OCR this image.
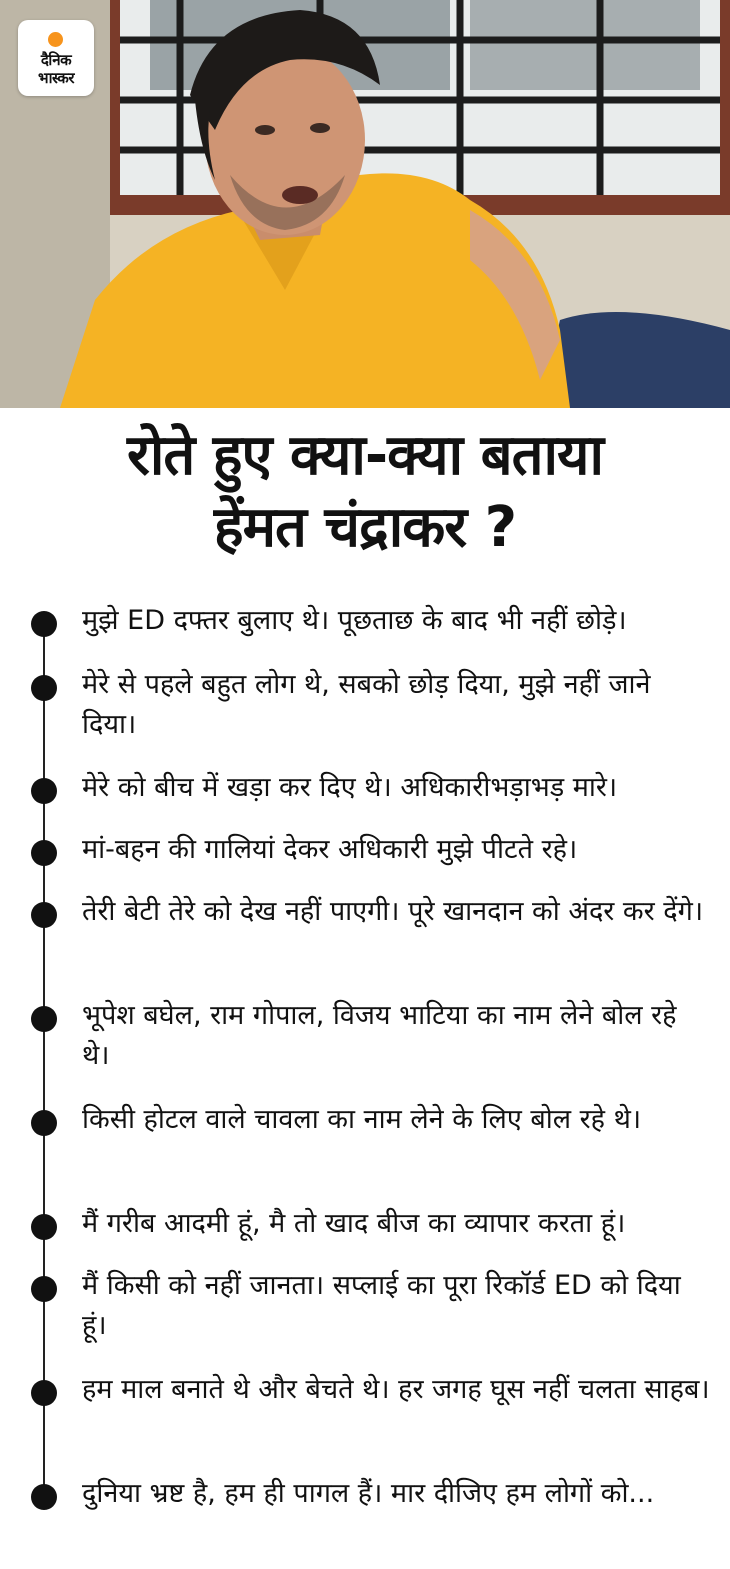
दैनिक
भास्कर
रोते हुए क्या-क्या बताया
हेंमत चंद्राकर ?
मुझे ED दफ्तर बुलाए थे। पूछताछ के बाद भी नहीं छोड़े।
मेरे से पहले बहुत लोग थे, सबको छोड़ दिया, मुझे नहीं जाने दिया।
मेरे को बीच में खड़ा कर दिए थे। अधिकारीभड़ाभड़ मारे।
मां-बहन की गालियां देकर अधिकारी मुझे पीटते रहे।
तेरी बेटी तेरे को देख नहीं पाएगी। पूरे खानदान को अंदर कर देंगे।
भूपेश बघेल, राम गोपाल, विजय भाटिया का नाम लेने बोल रहे थे।
किसी होटल वाले चावला का नाम लेने के लिए बोल रहे थे।
मैं गरीब आदमी हूं, मै तो खाद बीज का व्यापार करता हूं।
मैं किसी को नहीं जानता। सप्लाई का पूरा रिकॉर्ड ED को दिया हूं।
हम माल बनाते थे और बेचते थे। हर जगह घूस नहीं चलता साहब।
दुनिया भ्रष्ट है, हम ही पागल हैं। मार दीजिए हम लोगों को...
